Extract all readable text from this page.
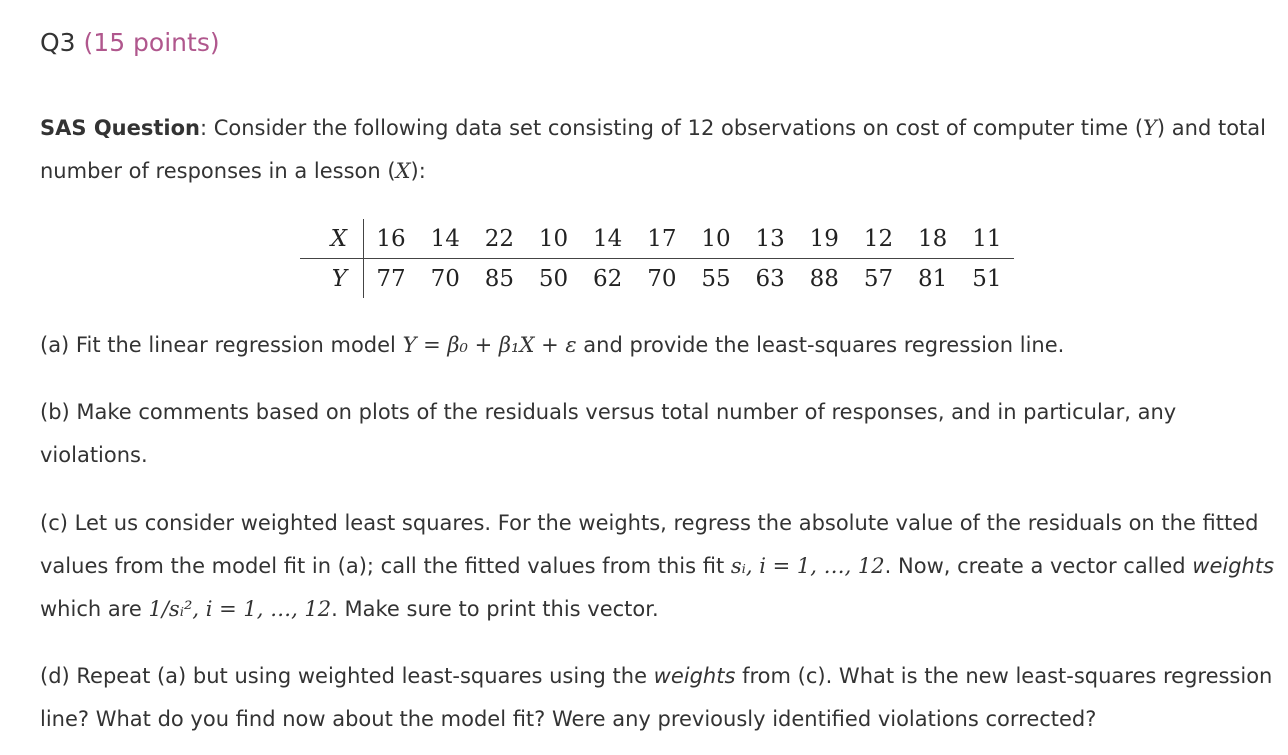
Q3 (15 points)

SAS Question: Consider the following data set consisting of 12 observations on cost of computer time (Y) and total number of responses in a lesson (X):

X	16	14	22	10	14	17	10	13	19	12	18	11
Y	77	70	85	50	62	70	55	63	88	57	81	51

(a) Fit the linear regression model Y = β₀ + β₁X + ε and provide the least-squares regression line.

(b) Make comments based on plots of the residuals versus total number of responses, and in particular, any violations.

(c) Let us consider weighted least squares. For the weights, regress the absolute value of the residuals on the fitted values from the model fit in (a); call the fitted values from this fit sᵢ, i = 1, …, 12. Now, create a vector called weights which are 1/sᵢ², i = 1, …, 12. Make sure to print this vector.

(d) Repeat (a) but using weighted least-squares using the weights from (c). What is the new least-squares regression line? What do you find now about the model fit? Were any previously identified violations corrected?
